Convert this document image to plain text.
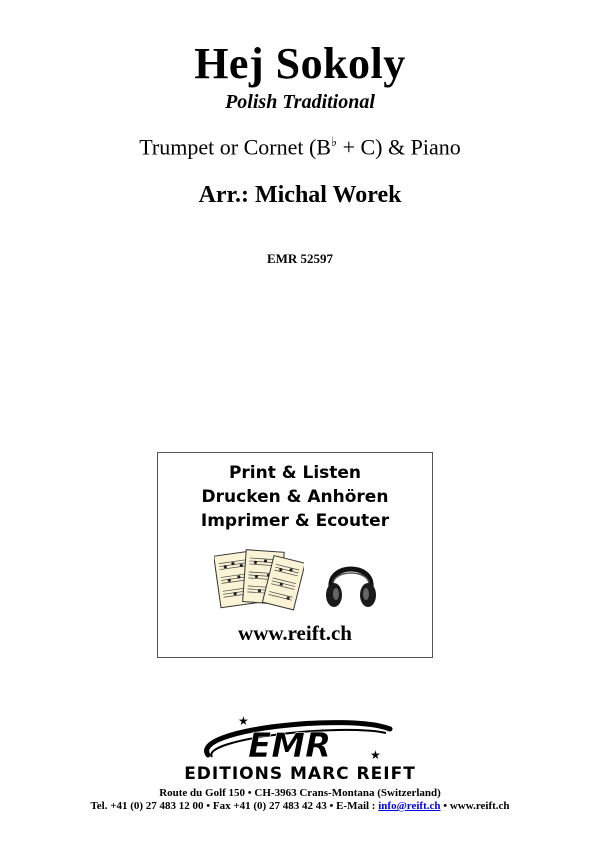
Hej Sokoly
Polish Traditional
Trumpet or Cornet (B♭ + C) & Piano
Arr.: Michal Worek
EMR 52597
Print & Listen
Drucken & Anhören
Imprimer & Ecouter
www.reift.ch
★
★
EMR
EDITIONS MARC REIFT
Route du Golf 150 • CH-3963 Crans-Montana (Switzerland)
Tel. +41 (0) 27 483 12 00 • Fax +41 (0) 27 483 42 43 • E-Mail : info@reift.ch • www.reift.ch
